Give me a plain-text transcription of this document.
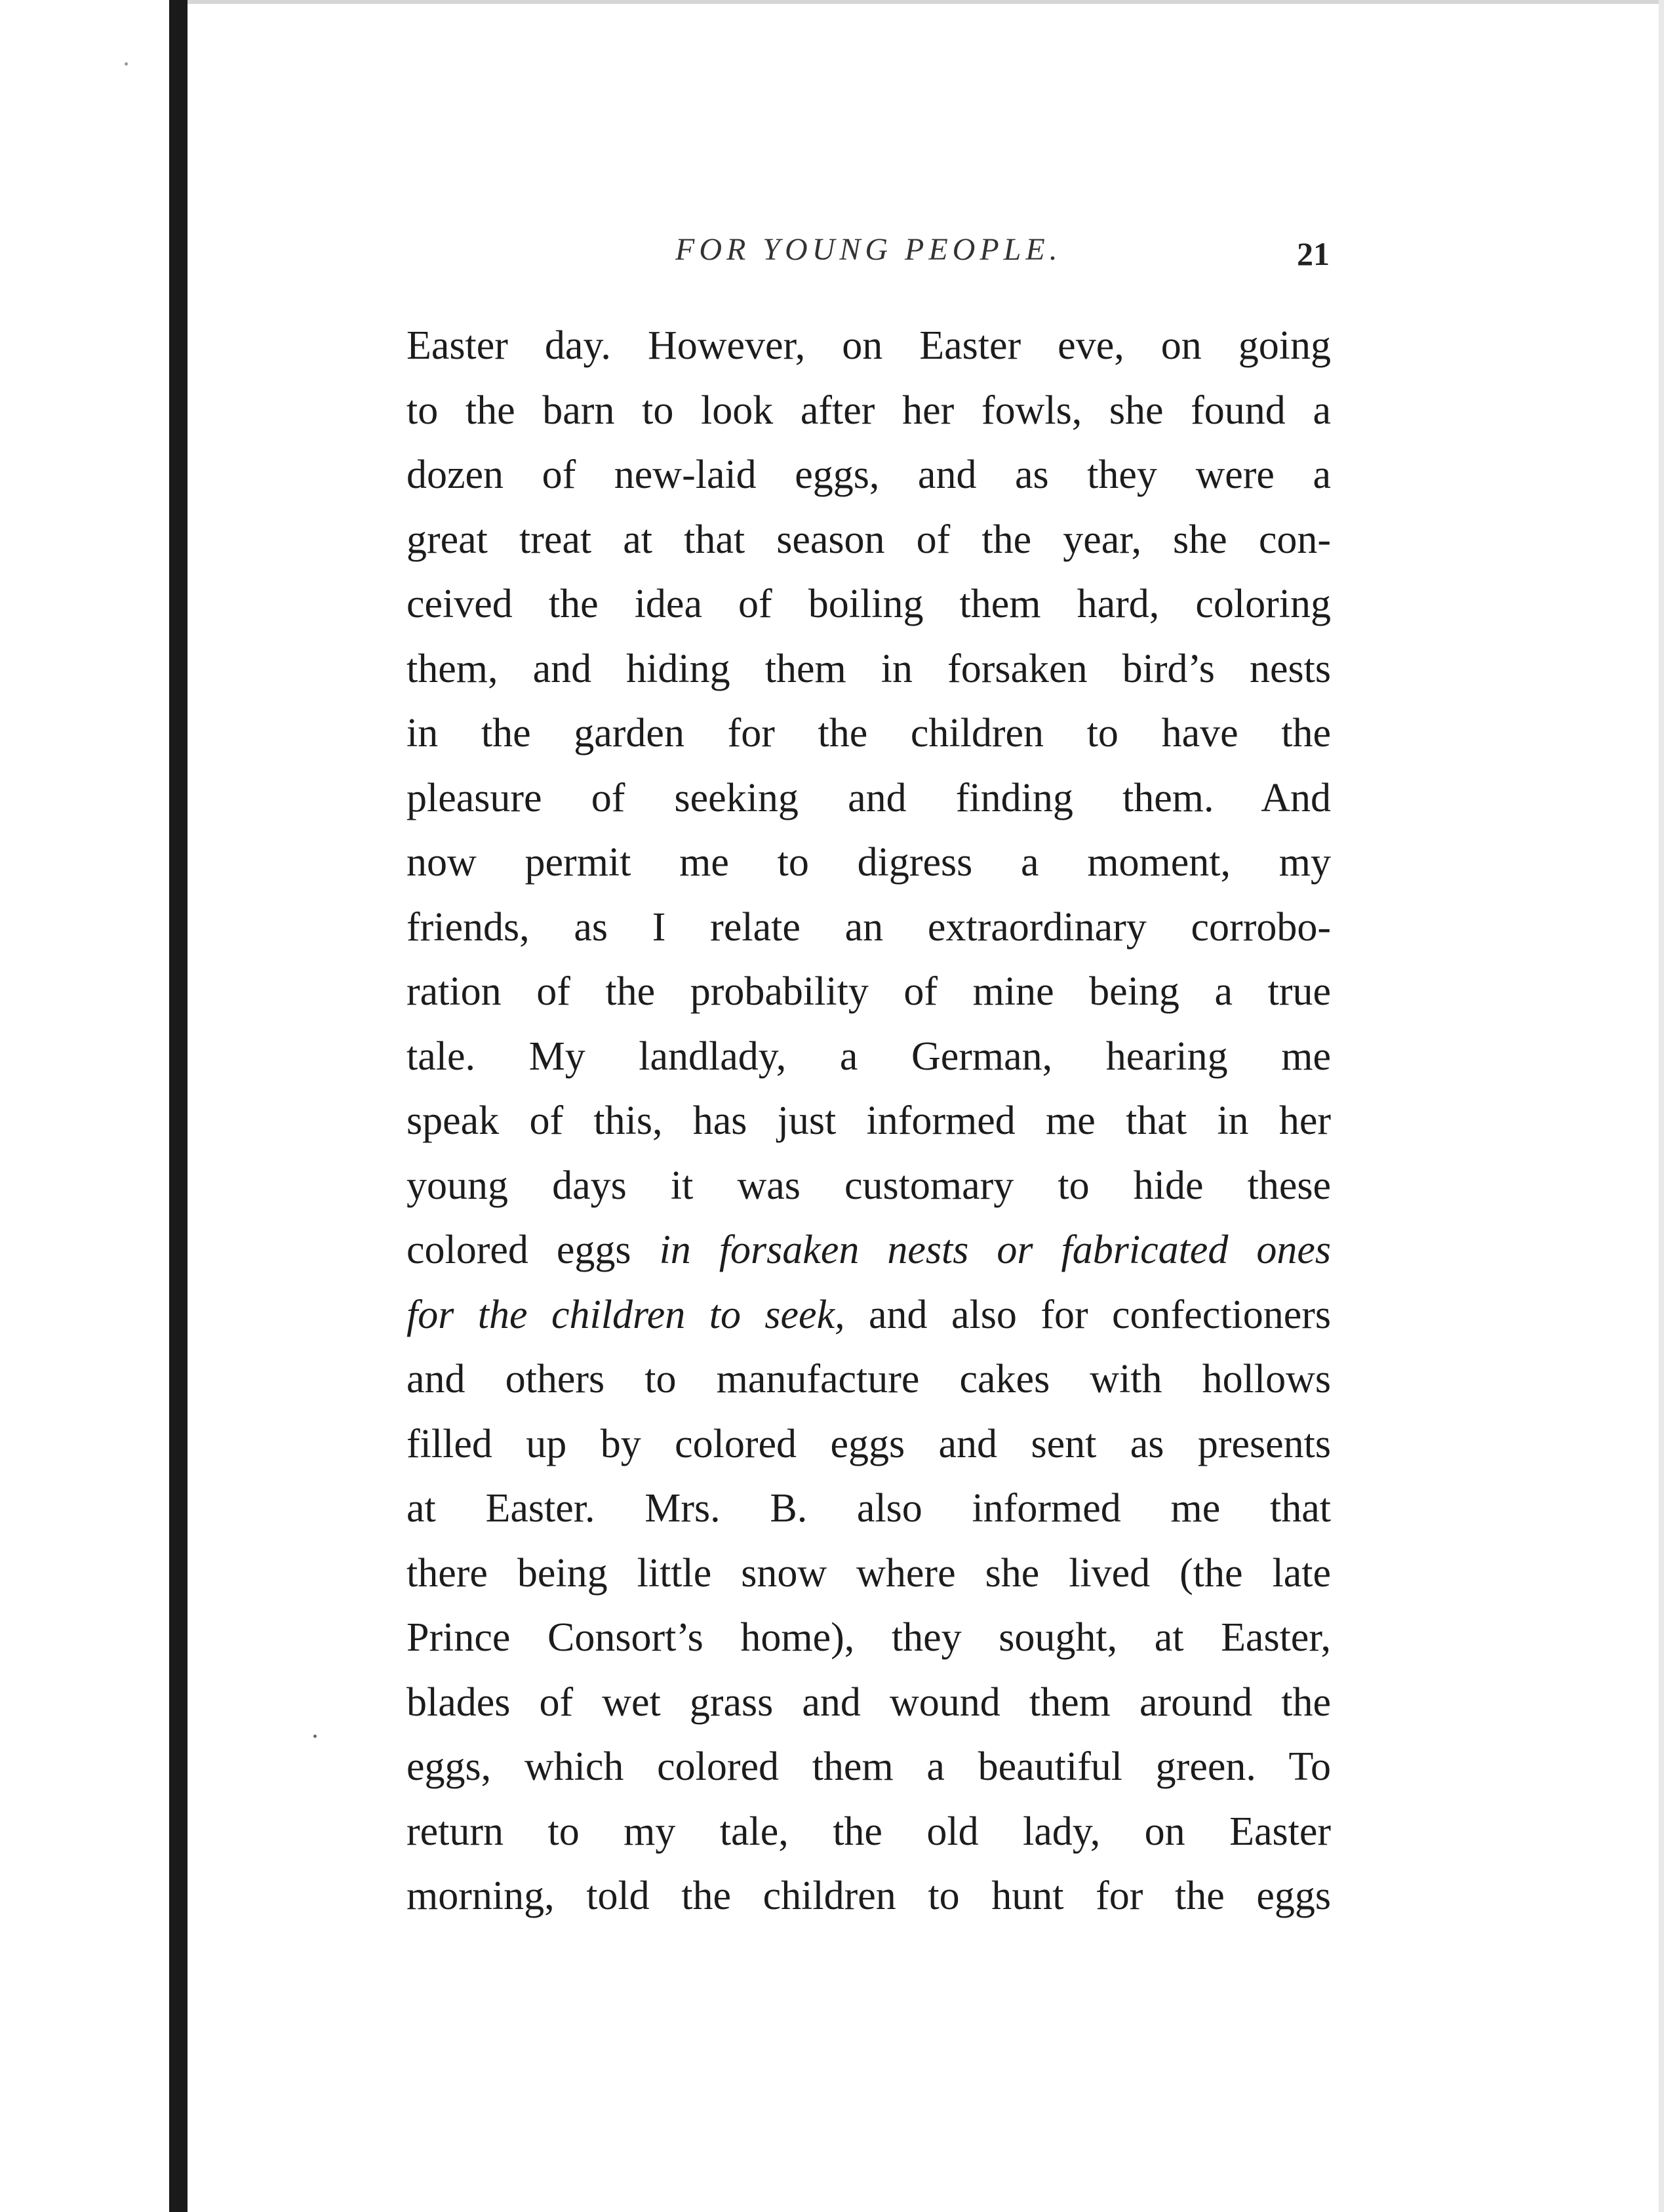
FOR YOUNG PEOPLE.	21
Easter day. However, on Easter eve, on going
to the barn to look after her fowls, she found a
dozen of new-laid eggs, and as they were a
great treat at that season of the year, she con-
ceived the idea of boiling them hard, coloring
them, and hiding them in forsaken bird’s nests
in the garden for the children to have the
pleasure of seeking and finding them. And
now permit me to digress a moment, my
friends, as I relate an extraordinary corrobo-
ration of the probability of mine being a true
tale. My landlady, a German, hearing me
speak of this, has just informed me that in her
young days it was customary to hide these
colored eggs in forsaken nests or fabricated ones
for the children to seek, and also for confectioners
and others to manufacture cakes with hollows
filled up by colored eggs and sent as presents
at Easter. Mrs. B. also informed me that
there being little snow where she lived (the late
Prince Consort’s home), they sought, at Easter,
blades of wet grass and wound them around the
eggs, which colored them a beautiful green. To
return to my tale, the old lady, on Easter
morning, told the children to hunt for the eggs
